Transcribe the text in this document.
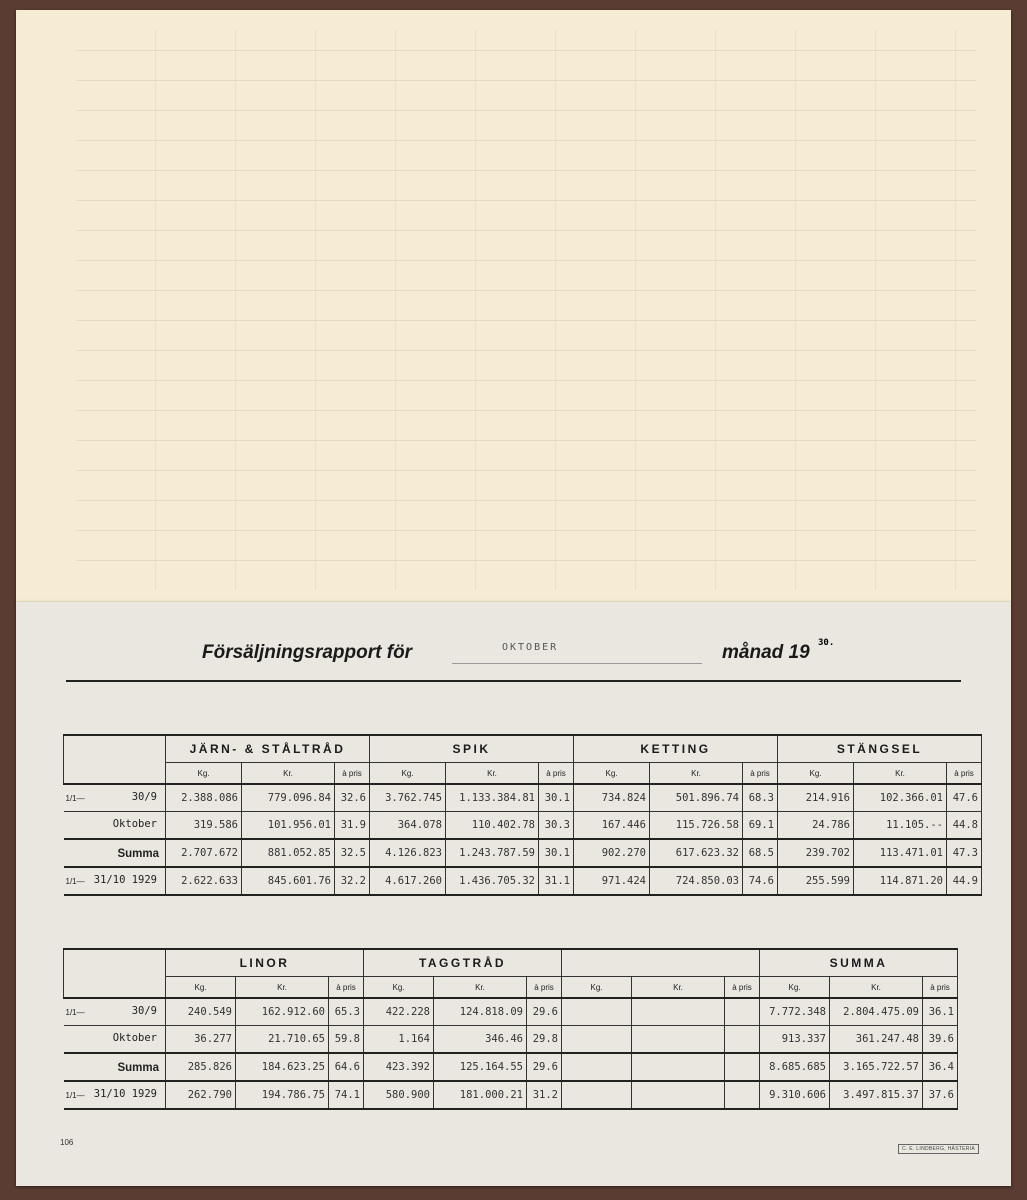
Försäljningsrapport för	OKTOBER	månad 19 30.
	JÄRN- & STÅLTRÅD			SPIK			KETTING			STÄNGSEL		
	Kg.	Kr.	à pris	Kg.	Kr.	à pris	Kg.	Kr.	à pris	Kg.	Kr.	à pris

1/1— 30/9	2.388.086	779.096.84	32.6	3.762.745	1.133.384.81	30.1	734.824	501.896.74	68.3	214.916	102.366.01	47.6

Oktober	319.586	101.956.01	31.9	364.078	110.402.78	30.3	167.446	115.726.58	69.1	24.786	11.105.--	44.8

Summa	2.707.672	881.052.85	32.5	4.126.823	1.243.787.59	30.1	902.270	617.623.32	68.5	239.702	113.471.01	47.3

1/1— 31/10 1929	2.622.633	845.601.76	32.2	4.617.260	1.436.705.32	31.1	971.424	724.850.03	74.6	255.599	114.871.20	44.9
	LINOR			TAGGTRÅD						SUMMA		
	Kg.	Kr.	à pris	Kg.	Kr.	à pris	Kg.	Kr.	à pris	Kg.	Kr.	à pris

1/1— 30/9	240.549	162.912.60	65.3	422.228	124.818.09	29.6				7.772.348	2.804.475.09	36.1

Oktober	36.277	21.710.65	59.8	1.164	346.46	29.8				913.337	361.247.48	39.6

Summa	285.826	184.623.25	64.6	423.392	125.164.55	29.6				8.685.685	3.165.722.57	36.4

1/1— 31/10 1929	262.790	194.786.75	74.1	580.900	181.000.21	31.2				9.310.606	3.497.815.37	37.6
106
C. E. LINDBERG, HÄSTERIA
